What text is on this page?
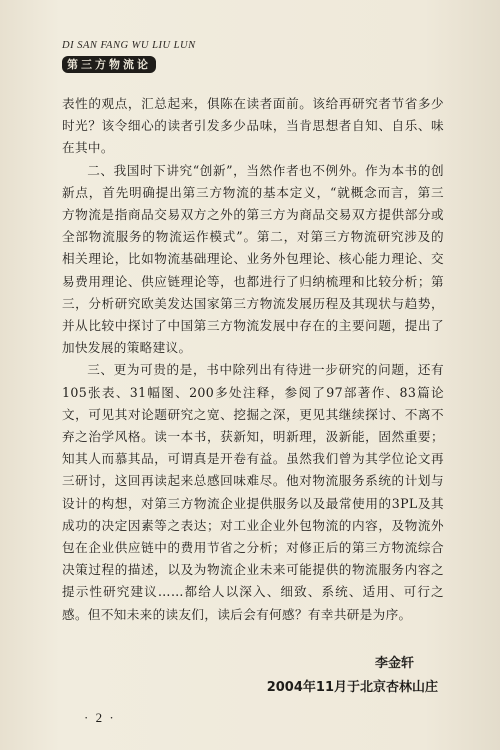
DI SAN FANG WU LIU LUN
第三方物流论

表性的观点，汇总起来，俱陈在读者面前。该给再研究者节省多少时光？该令细心的读者引发多少品味，当肯思想者自知、自乐、味在其中。

二、我国时下讲究“创新”，当然作者也不例外。作为本书的创新点，首先明确提出第三方物流的基本定义，“就概念而言，第三方物流是指商品交易双方之外的第三方为商品交易双方提供部分或全部物流服务的物流运作模式”。第二，对第三方物流研究涉及的相关理论，比如物流基础理论、业务外包理论、核心能力理论、交易费用理论、供应链理论等，也都进行了归纳梳理和比较分析；第三，分析研究欧美发达国家第三方物流发展历程及其现状与趋势，并从比较中探讨了中国第三方物流发展中存在的主要问题，提出了加快发展的策略建议。

三、更为可贵的是，书中除列出有待进一步研究的问题，还有105张表、31幅图、200多处注释，参阅了97部著作、83篇论文，可见其对论题研究之宽、挖掘之深，更见其继续探讨、不离不弃之治学风格。读一本书，获新知，明新理，汲新能，固然重要；知其人而慕其品，可谓真是开卷有益。虽然我们曾为其学位论文再三研讨，这回再读起来总感回味难尽。他对物流服务系统的计划与设计的构想，对第三方物流企业提供服务以及最常使用的3PL及其成功的决定因素等之表达；对工业企业外包物流的内容，及物流外包在企业供应链中的费用节省之分析；对修正后的第三方物流综合决策过程的描述，以及为物流企业未来可能提供的物流服务内容之提示性研究建议……都给人以深入、细致、系统、适用、可行之感。但不知未来的读友们，读后会有何感？有幸共研是为序。

李金轩
2004年11月于北京杏林山庄
· 2 ·
